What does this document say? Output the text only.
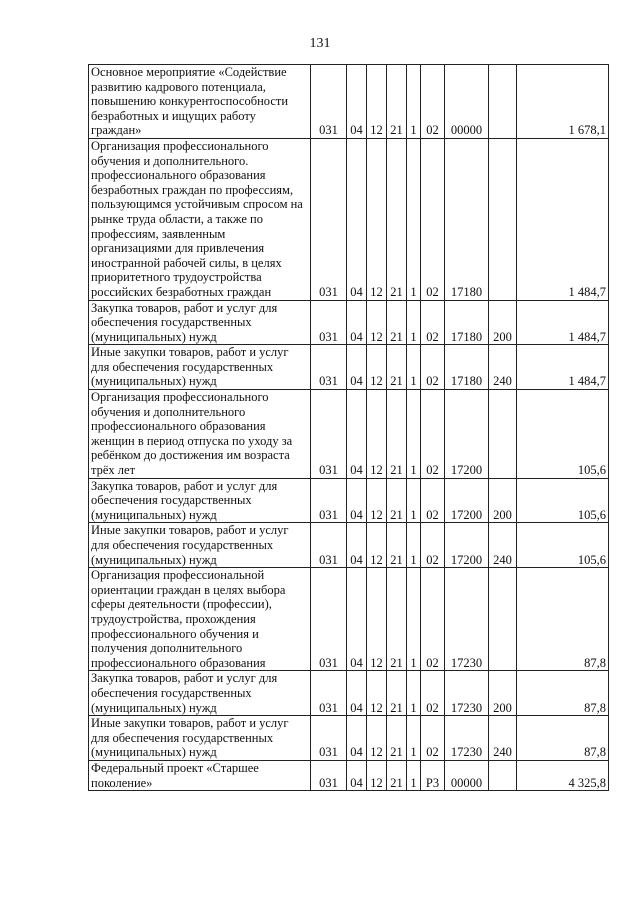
131
Основное мероприятие «Содействие развитию кадрового потенциала, повышению конкурентоспособности безработных и ищущих работу граждан»	031	04	12	21	1	02	00000		1 678,1
Организация профессионального обучения и дополнительного. профессионального образования безработных граждан по профессиям, пользующимся устойчивым спросом на рынке труда области, а также по профессиям, заявленным организациями для привлечения иностранной рабочей силы, в целях приоритетного трудоустройства российских безработных граждан	031	04	12	21	1	02	17180		1 484,7
Закупка товаров, работ и услуг для обеспечения государственных (муниципальных) нужд	031	04	12	21	1	02	17180	200	1 484,7
Иные закупки товаров, работ и услуг для обеспечения государственных (муниципальных) нужд	031	04	12	21	1	02	17180	240	1 484,7
Организация профессионального обучения и дополнительного профессионального образования женщин в период отпуска по уходу за ребёнком до достижения им возраста трёх лет	031	04	12	21	1	02	17200		105,6
Закупка товаров, работ и услуг для обеспечения государственных (муниципальных) нужд	031	04	12	21	1	02	17200	200	105,6
Иные закупки товаров, работ и услуг для обеспечения государственных (муниципальных) нужд	031	04	12	21	1	02	17200	240	105,6
Организация профессиональной ориентации граждан в целях выбора сферы деятельности (профессии), трудоустройства, прохождения профессионального обучения и получения дополнительного профессионального образования	031	04	12	21	1	02	17230		87,8
Закупка товаров, работ и услуг для обеспечения государственных (муниципальных) нужд	031	04	12	21	1	02	17230	200	87,8
Иные закупки товаров, работ и услуг для обеспечения государственных (муниципальных) нужд	031	04	12	21	1	02	17230	240	87,8
Федеральный проект «Старшее поколение»	031	04	12	21	1	P3	00000		4 325,8
